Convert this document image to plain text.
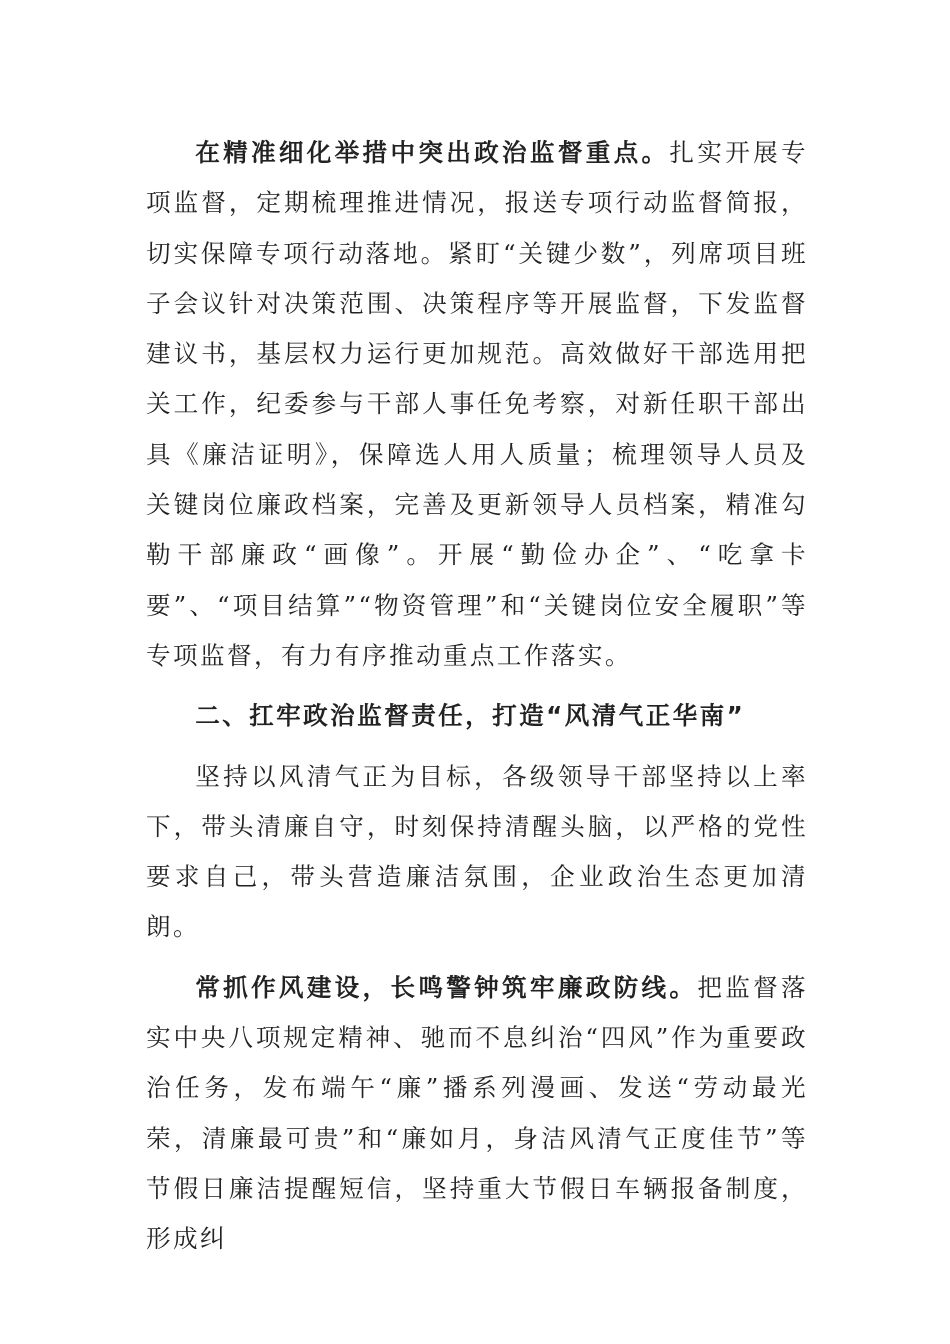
在精准细化举措中突出政治监督重点。扎实开展专项监督，定期梳理推进情况，报送专项行动监督简报，切实保障专项行动落地。紧盯“关键少数”，列席项目班子会议针对决策范围、决策程序等开展监督，下发监督建议书，基层权力运行更加规范。高效做好干部选用把关工作，纪委参与干部人事任免考察，对新任职干部出具《廉洁证明》，保障选人用人质量；梳理领导人员及关键岗位廉政档案，完善及更新领导人员档案，精准勾勒干部廉政“画像”。开展“勤俭办企”、“吃拿卡要”、“项目结算”“物资管理”和“关键岗位安全履职”等专项监督，有力有序推动重点工作落实。

二、扛牢政治监督责任，打造“风清气正华南”

坚持以风清气正为目标，各级领导干部坚持以上率下，带头清廉自守，时刻保持清醒头脑，以严格的党性要求自己，带头营造廉洁氛围，企业政治生态更加清朗。

常抓作风建设，长鸣警钟筑牢廉政防线。把监督落实中央八项规定精神、驰而不息纠治“四风”作为重要政治任务，发布端午“廉”播系列漫画、发送“劳动最光荣，清廉最可贵”和“廉如月，身洁风清气正度佳节”等节假日廉洁提醒短信，坚持重大节假日车辆报备制度，形成纠
